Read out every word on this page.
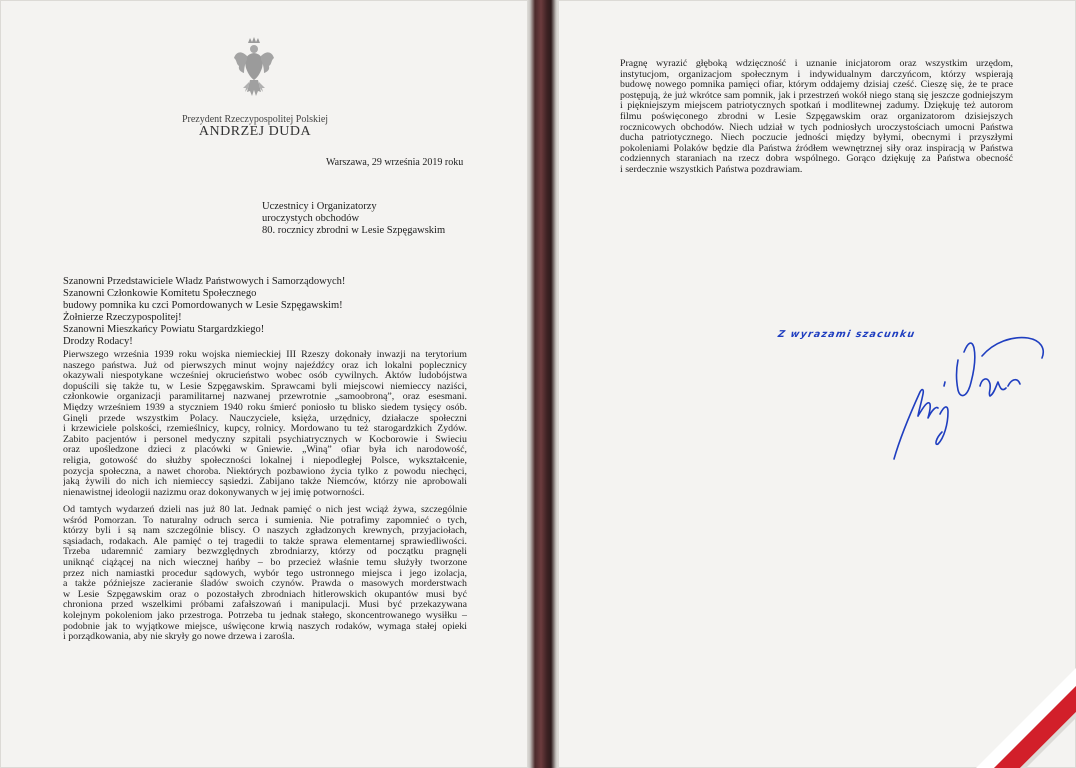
Prezydent Rzeczypospolitej Polskiej
ANDRZEJ DUDA
Warszawa, 29 września 2019 roku
Uczestnicy i Organizatorzy
uroczystych obchodów
80. rocznicy zbrodni w Lesie Szpęgawskim
Szanowni Przedstawiciele Władz Państwowych i Samorządowych!
Szanowni Członkowie Komitetu Społecznego
budowy pomnika ku czci Pomordowanych w Lesie Szpęgawskim!
Żołnierze Rzeczypospolitej!
Szanowni Mieszkańcy Powiatu Stargardzkiego!
Drodzy Rodacy!
Pierwszego września 1939 roku wojska niemieckiej III Rzeszy dokonały inwazji na terytorium
naszego państwa. Już od pierwszych minut wojny najeźdźcy oraz ich lokalni poplecznicy
okazywali niespotykane wcześniej okrucieństwo wobec osób cywilnych. Aktów ludobójstwa
dopuścili się także tu, w Lesie Szpęgawskim. Sprawcami byli miejscowi niemieccy naziści,
członkowie organizacji paramilitarnej nazwanej przewrotnie „samoobroną”, oraz esesmani.
Między wrześniem 1939 a styczniem 1940 roku śmierć poniosło tu blisko siedem tysięcy osób.
Ginęli przede wszystkim Polacy. Nauczyciele, księża, urzędnicy, działacze społeczni
i krzewiciele polskości, rzemieślnicy, kupcy, rolnicy. Mordowano tu też starogardzkich Żydów.
Zabito pacjentów i personel medyczny szpitali psychiatrycznych w Kocborowie i Świeciu
oraz upośledzone dzieci z placówki w Gniewie. „Winą” ofiar była ich narodowość,
religia, gotowość do służby społeczności lokalnej i niepodległej Polsce, wykształcenie,
pozycja społeczna, a nawet choroba. Niektórych pozbawiono życia tylko z powodu niechęci,
jaką żywili do nich ich niemieccy sąsiedzi. Zabijano także Niemców, którzy nie aprobowali
nienawistnej ideologii nazizmu oraz dokonywanych w jej imię potworności.
Od tamtych wydarzeń dzieli nas już 80 lat. Jednak pamięć o nich jest wciąż żywa, szczególnie
wśród Pomorzan. To naturalny odruch serca i sumienia. Nie potrafimy zapomnieć o tych,
którzy byli i są nam szczególnie bliscy. O naszych zgładzonych krewnych, przyjaciołach,
sąsiadach, rodakach. Ale pamięć o tej tragedii to także sprawa elementarnej sprawiedliwości.
Trzeba udaremnić zamiary bezwzględnych zbrodniarzy, którzy od początku pragnęli
uniknąć ciążącej na nich wiecznej hańby – bo przecież właśnie temu służyły tworzone
przez nich namiastki procedur sądowych, wybór tego ustronnego miejsca i jego izolacja,
a także późniejsze zacieranie śladów swoich czynów. Prawda o masowych morderstwach
w Lesie Szpęgawskim oraz o pozostałych zbrodniach hitlerowskich okupantów musi być
chroniona przed wszelkimi próbami zafałszowań i manipulacji. Musi być przekazywana
kolejnym pokoleniom jako przestroga. Potrzeba tu jednak stałego, skoncentrowanego wysiłku –
podobnie jak to wyjątkowe miejsce, uświęcone krwią naszych rodaków, wymaga stałej opieki
i porządkowania, aby nie skryły go nowe drzewa i zarośla.
Pragnę wyrazić głęboką wdzięczność i uznanie inicjatorom oraz wszystkim urzędom,
instytucjom, organizacjom społecznym i indywidualnym darczyńcom, którzy wspierają
budowę nowego pomnika pamięci ofiar, którym oddajemy dzisiaj cześć. Cieszę się, że te prace
postępują, że już wkrótce sam pomnik, jak i przestrzeń wokół niego staną się jeszcze godniejszym
i piękniejszym miejscem patriotycznych spotkań i modlitewnej zadumy. Dziękuję też autorom
filmu poświęconego zbrodni w Lesie Szpęgawskim oraz organizatorom dzisiejszych
rocznicowych obchodów. Niech udział w tych podniosłych uroczystościach umocni Państwa
ducha patriotycznego. Niech poczucie jedności między byłymi, obecnymi i przyszłymi
pokoleniami Polaków będzie dla Państwa źródłem wewnętrznej siły oraz inspiracją w Państwa
codziennych staraniach na rzecz dobra wspólnego. Gorąco dziękuję za Państwa obecność
i serdecznie wszystkich Państwa pozdrawiam.
Z wyrazami szacunku
